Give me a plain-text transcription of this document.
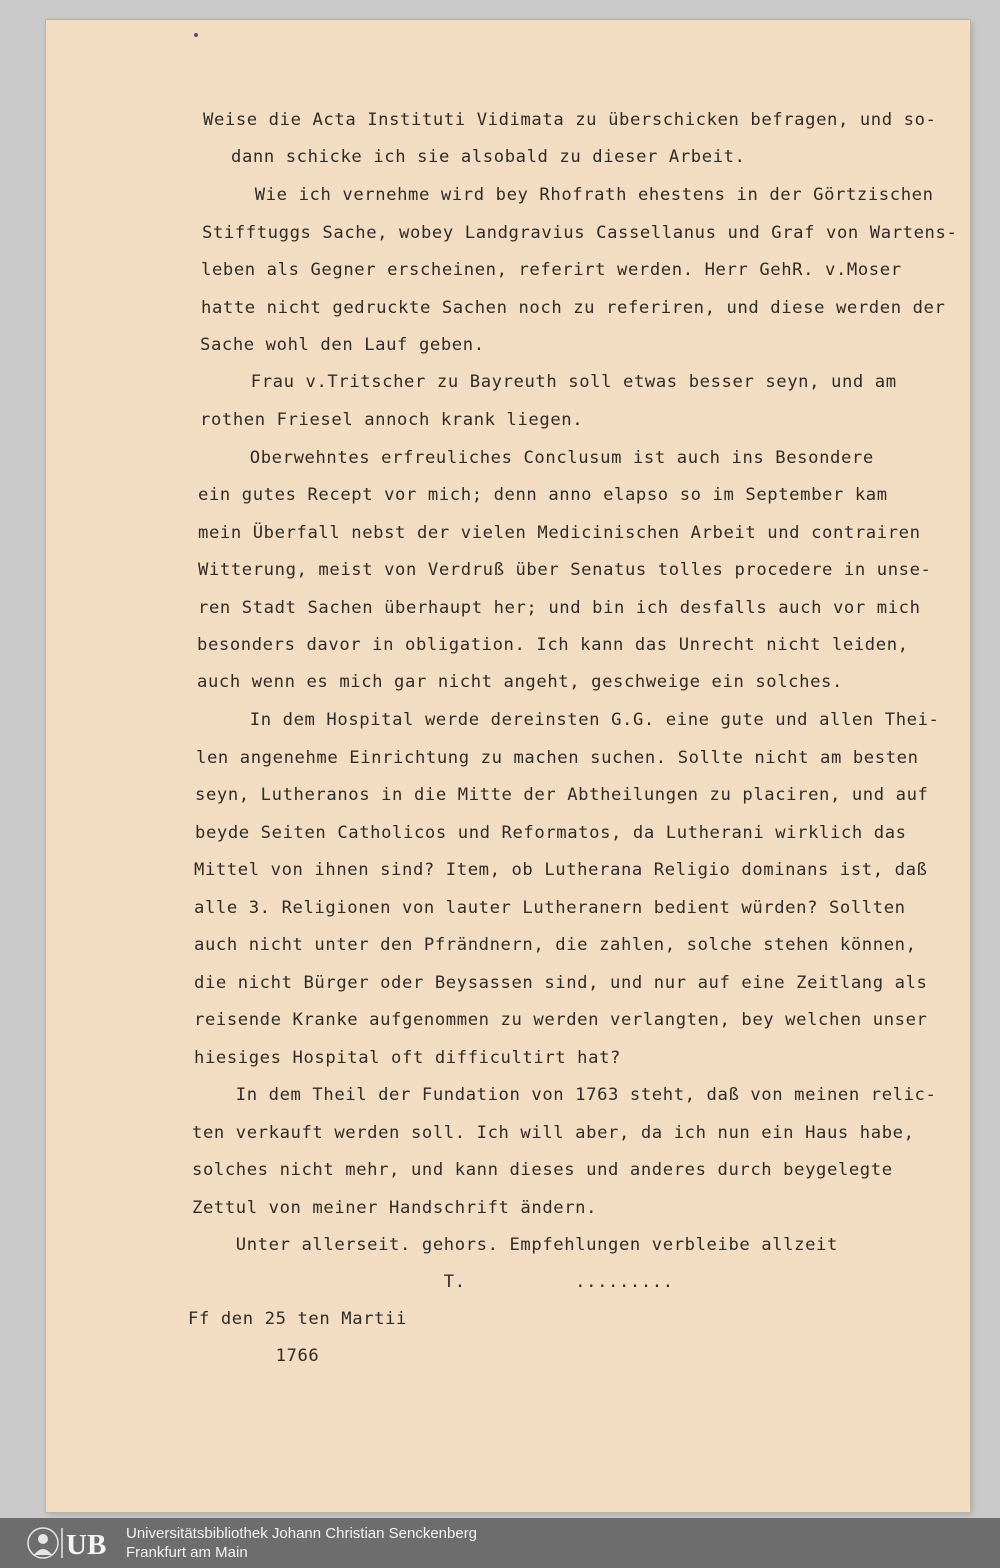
Weise die Acta Instituti Vidimata zu überschicken befragen, und so-
dann schicke ich sie alsobald zu dieser Arbeit.
Wie ich vernehme wird bey Rhofrath ehestens in der Görtzischen
Stifftuggs Sache, wobey Landgravius Cassellanus und Graf von Wartens-
leben als Gegner erscheinen, referirt werden. Herr GehR. v.Moser
hatte nicht gedruckte Sachen noch zu referiren, und diese werden der
Sache wohl den Lauf geben.
Frau v.Tritscher zu Bayreuth soll etwas besser seyn, und am
rothen Friesel annoch krank liegen.
Oberwehntes erfreuliches Conclusum ist auch ins Besondere
ein gutes Recept vor mich; denn anno elapso so im September kam
mein Überfall nebst der vielen Medicinischen Arbeit und contrairen
Witterung, meist von Verdruß über Senatus tolles procedere in unse-
ren Stadt Sachen überhaupt her; und bin ich desfalls auch vor mich
besonders davor in obligation. Ich kann das Unrecht nicht leiden,
auch wenn es mich gar nicht angeht, geschweige ein solches.
In dem Hospital werde dereinsten G.G. eine gute und allen Thei-
len angenehme Einrichtung zu machen suchen. Sollte nicht am besten
seyn, Lutheranos in die Mitte der Abtheilungen zu placiren, und auf
beyde Seiten Catholicos und Reformatos, da Lutherani wirklich das
Mittel von ihnen sind? Item, ob Lutherana Religio dominans ist, daß
alle 3. Religionen von lauter Lutheranern bedient würden? Sollten
auch nicht unter den Pfrändnern, die zahlen, solche stehen können,
die nicht Bürger oder Beysassen sind, und nur auf eine Zeitlang als
reisende Kranke aufgenommen zu werden verlangten, bey welchen unser
hiesiges Hospital oft difficultirt hat?
In dem Theil der Fundation von 1763 steht, daß von meinen relic-
ten verkauft werden soll. Ich will aber, da ich nun ein Haus habe,
solches nicht mehr, und kann dieses und anderes durch beygelegte
Zettul von meiner Handschrift ändern.
Unter allerseit. gehors. Empfehlungen verbleibe allzeit
T.          .........
Ff den 25 ten Martii
1766
UB Universitätsbibliothek Johann Christian Senckenberg
Frankfurt am Main
